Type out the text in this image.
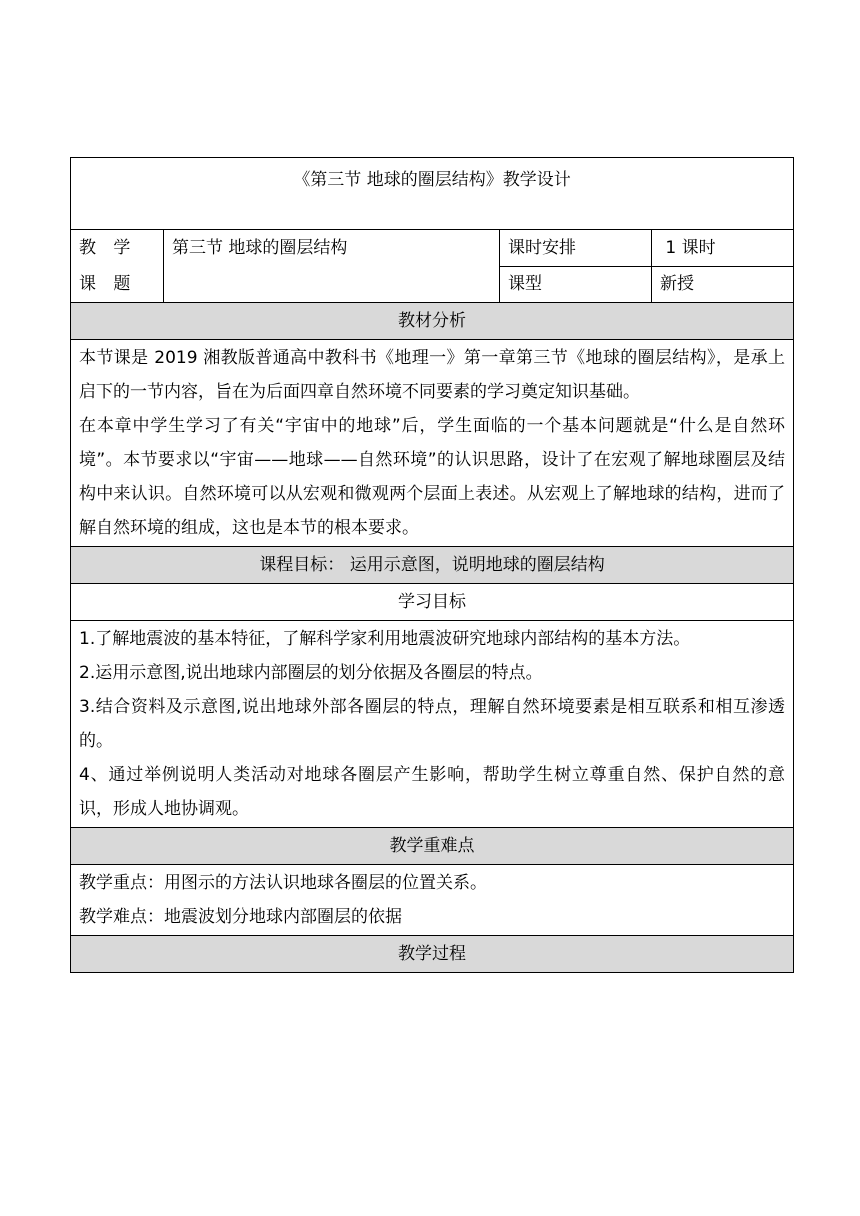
《第三节 地球的圈层结构》教学设计			

教 学 课 题	第三节 地球的圈层结构	课时安排	1 课时
		课型	新授
教材分析			

本节课是 2019 湘教版普通高中教科书《地理一》第一章第三节《地球的圈层结构》，是承上启下的一节内容，旨在为后面四章自然环境不同要素的学习奠定知识基础。

在本章中学生学习了有关“宇宙中的地球”后，学生面临的一个基本问题就是“什么是自然环境”。本节要求以“宇宙——地球——自然环境”的认识思路，设计了在宏观了解地球圈层及结构中来认识。自然环境可以从宏观和微观两个层面上表述。从宏观上了解地球的结构，进而了解自然环境的组成，这也是本节的根本要求。			

课程目标： 运用示意图，说明地球的圈层结构			
学习目标			

1.了解地震波的基本特征，了解科学家利用地震波研究地球内部结构的基本方法。

2.运用示意图,说出地球内部圈层的划分依据及各圈层的特点。

3.结合资料及示意图,说出地球外部各圈层的特点，理解自然环境要素是相互联系和相互渗透的。

4、通过举例说明人类活动对地球各圈层产生影响，帮助学生树立尊重自然、保护自然的意识，形成人地协调观。			

教学重难点			

教学重点：用图示的方法认识地球各圈层的位置关系。

教学难点：地震波划分地球内部圈层的依据			

教学过程			
